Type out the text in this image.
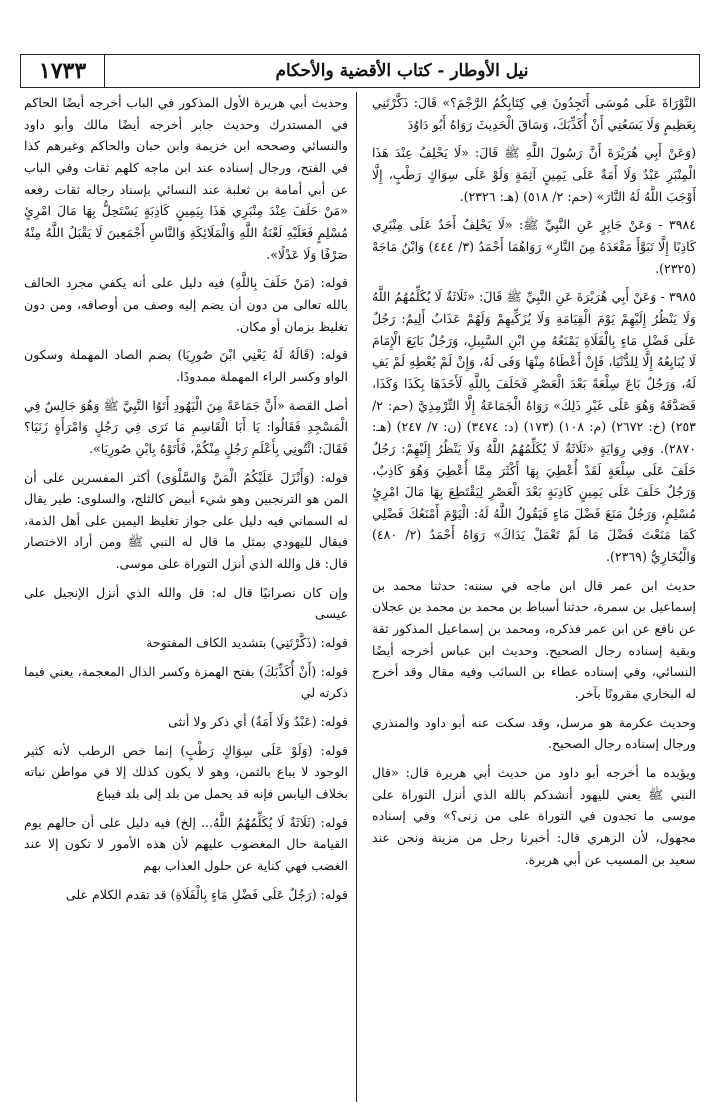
نيل الأوطار - كتاب الأقضية والأحكام
١٧٣٣

التَّوْرَاةَ عَلَى مُوسَى أَتَجِدُونَ فِي كِتَابِكُمُ الرَّجْمَ؟» قَالَ: ذَكَّرْتَنِي بِعَظِيمٍ وَلَا يَسَعُنِي أَنْ أُكَذِّبَكَ، وَسَاقَ الْحَدِيثَ رَوَاهُ أَبُو دَاوُدَ

(وَعَنْ أَبِي هُرَيْرَةَ أَنَّ رَسُولَ اللَّهِ ﷺ قَالَ: «لَا يَحْلِفُ عِنْدَ هَذَا الْمِنْبَرِ عَبْدٌ وَلَا أَمَةٌ عَلَى يَمِينٍ آثِمَةٍ وَلَوْ عَلَى سِوَاكٍ رَطْبٍ، إِلَّا أَوْجَبَ اللَّهُ لَهُ النَّارَ» (حم: ٢/ ٥١٨) (هـ: ٢٣٢٦).

٣٩٨٤ - وَعَنْ جَابِرٍ عَنِ النَّبِيِّ ﷺ: «لَا يَحْلِفُ أَحَدٌ عَلَى مِنْبَرِي كَاذِبًا إِلَّا تَبَوَّأَ مَقْعَدَهُ مِنَ النَّارِ» رَوَاهُمَا أَحْمَدُ (٣/ ٤٤٤) وَابْنُ مَاجَهْ (٢٣٢٥).

٣٩٨٥ - وَعَنْ أَبِي هُرَيْرَةَ عَنِ النَّبِيِّ ﷺ قَالَ: «ثَلَاثَةٌ لَا يُكَلِّمُهُمُ اللَّهُ وَلَا يَنْظُرُ إِلَيْهِمْ يَوْمَ الْقِيَامَةِ وَلَا يُزَكِّيهِمْ وَلَهُمْ عَذَابٌ أَلِيمٌ: رَجُلٌ عَلَى فَضْلِ مَاءٍ بِالْفَلَاةِ يَمْنَعُهُ مِنِ ابْنِ السَّبِيلِ، وَرَجُلٌ بَايَعَ الْإِمَامَ لَا يُبَايِعُهُ إِلَّا لِلدُّنْيَا، فَإِنْ أَعْطَاهُ مِنْهَا وَفَى لَهُ، وَإِنْ لَمْ يُعْطِهِ لَمْ يَفِ لَهُ، وَرَجُلٌ بَاعَ سِلْعَةً بَعْدَ الْعَصْرِ فَحَلَفَ بِاللَّهِ لَأَخَذَهَا بِكَذَا وَكَذَا، فَصَدَّقَهُ وَهُوَ عَلَى غَيْرِ ذَلِكَ» رَوَاهُ الْجَمَاعَةُ إِلَّا التِّرْمِذِيَّ (حم: ٢/ ٢٥٣) (خ: ٢٦٧٢) (م: ١٠٨) (١٧٣) (د: ٣٤٧٤) (ن: ٧/ ٢٤٧) (هـ: ٢٨٧٠). وَفِي رِوَايَةٍ «ثَلَاثَةٌ لَا يُكَلِّمُهُمُ اللَّهُ وَلَا يَنْظُرُ إِلَيْهِمْ: رَجُلٌ حَلَفَ عَلَى سِلْعَةٍ لَقَدْ أُعْطِيَ بِهَا أَكْثَرَ مِمَّا أُعْطِيَ وَهُوَ كَاذِبٌ، وَرَجُلٌ حَلَفَ عَلَى يَمِينٍ كَاذِبَةٍ بَعْدَ الْعَصْرِ لِيَقْتَطِعَ بِهَا مَالَ امْرِئٍ مُسْلِمٍ، وَرَجُلٌ مَنَعَ فَضْلَ مَاءٍ فَيَقُولُ اللَّهُ لَهُ: الْيَوْمَ أَمْنَعُكَ فَضْلِي كَمَا مَنَعْتَ فَضْلَ مَا لَمْ تَعْمَلْ يَدَاكَ» رَوَاهُ أَحْمَدُ (٢/ ٤٨٠) وَالْبُخَارِيُّ (٢٣٦٩).

حديث ابن عمر قال ابن ماجه في سننه: حدثنا محمد بن إسماعيل بن سمرة، حدثنا أسباط بن محمد بن محمد بن عجلان عن نافع عن ابن عمر فذكره، ومحمد بن إسماعيل المذكور ثقة وبقية إسناده رجال الصحيح. وحديث ابن عباس أخرجه أيضًا النسائي، وفي إسناده عطاء بن السائب وفيه مقال وقد أخرج له البخاري مقرونًا بآخر.

وحديث عكرمة هو مرسل، وقد سكت عنه أبو داود والمنذري ورجال إسناده رجال الصحيح.

ويؤيده ما أخرجه أبو داود من حديث أبي هريرة قال: «قال النبي ﷺ يعني لليهود أنشدكم بالله الذي أنزل التوراة على موسى ما تجدون في التوراة على من زنى؟» وفي إسناده مجهول، لأن الزهري قال: أخبرنا رجل من مزينة ونحن عند سعيد بن المسيب عن أبي هريرة.

وحديث أبي هريرة الأول المذكور في الباب أخرجه أيضًا الحاكم في المستدرك وحديث جابر أخرجه أيضًا مالك وأبو داود والنسائي وصححه ابن خزيمة وابن حبان والحاكم وغيرهم كذا في الفتح، ورجال إسناده عند ابن ماجه كلهم ثقات وفي الباب عن أبي أمامة بن ثعلبة عند النسائي بإسناد رجاله ثقات رفعه «مَنْ حَلَفَ عِنْدَ مِنْبَرِي هَذَا بِيَمِينٍ كَاذِبَةٍ يَسْتَحِلُّ بِهَا مَالَ امْرِئٍ مُسْلِمٍ فَعَلَيْهِ لَعْنَةُ اللَّهِ وَالْمَلَائِكَةِ وَالنَّاسِ أَجْمَعِينَ لَا يَقْبَلُ اللَّهُ مِنْهُ صَرْفًا وَلَا عَدْلًا».

قوله: (مَنْ حَلَفَ بِاللَّهِ) فيه دليل على أنه يكفي مجرد الحالف بالله تعالى من دون أن يضم إليه وصف من أوصافه، ومن دون تغليظ بزمان أو مكان.

قوله: (قَالَهُ لَهُ يَعْنِي ابْنَ صُورِيَا) بضم الصاد المهملة وسكون الواو وكسر الراء المهملة ممدودًا.

أصل القصة «أَنَّ جَمَاعَةً مِنَ الْيَهُودِ أَتَوُا النَّبِيَّ ﷺ وَهُوَ جَالِسٌ فِي الْمَسْجِدِ فَقَالُوا: يَا أَبَا الْقَاسِمِ مَا تَرَى فِي رَجُلٍ وَامْرَأَةٍ زَنَيَا؟ فَقَالَ: ائْتُونِي بِأَعْلَمِ رَجُلٍ مِنْكُمْ، فَأَتَوْهُ بِابْنِ صُورِيَا».

قوله: (وَأَنْزَلَ عَلَيْكُمُ الْمَنَّ وَالسَّلْوَى) أكثر المفسرين على أن المن هو الترنجبين وهو شيء أبيض كالثلج، والسلوى: طير يقال له السماني فيه دليل على جواز تغليظ اليمين على أهل الذمة، فيقال لليهودي بمثل ما قال له النبي ﷺ ومن أراد الاختصار قال: قل والله الذي أنزل التوراة على موسى.

وإن كان نصرانيًا قال له: قل والله الذي أنزل الإنجيل على عيسى

قوله: (ذَكَّرْتَنِي) بتشديد الكاف المفتوحة

قوله: (أَنْ أُكَذِّبَكَ) بفتح الهمزة وكسر الذال المعجمة، يعني فيما ذكرته لي

قوله: (عَبْدٌ وَلَا أَمَةٌ) أي ذكر ولا أنثى

قوله: (وَلَوْ عَلَى سِوَاكٍ رَطْبٍ) إنما خص الرطب لأنه كثير الوجود لا يباع بالثمن، وهو لا يكون كذلك إلا في مواطن نباته بخلاف اليابس فإنه قد يحمل من بلد إلى بلد فيباع

قوله: (ثَلَاثَةٌ لَا يُكَلِّمُهُمُ اللَّهُ... إلخ) فيه دليل على أن حالهم يوم القيامة حال المغضوب عليهم لأن هذه الأمور لا تكون إلا عند الغضب فهي كناية عن حلول العذاب بهم

قوله: (رَجُلٌ عَلَى فَضْلِ مَاءٍ بِالْفَلَاةِ) قد تقدم الكلام على
